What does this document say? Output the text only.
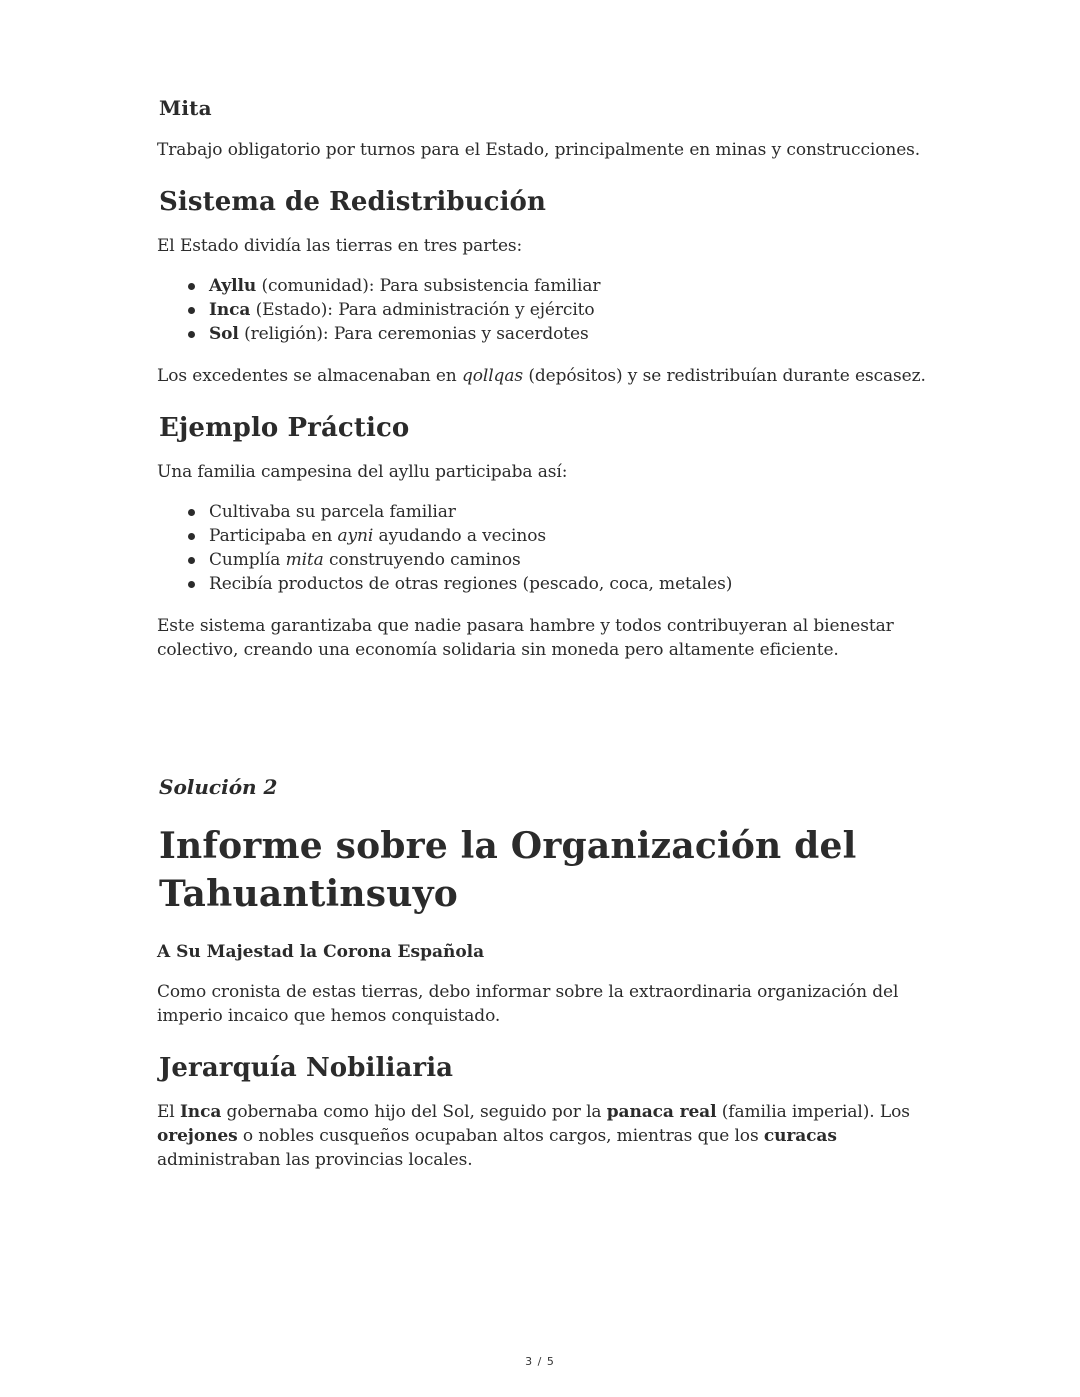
Mita

Trabajo obligatorio por turnos para el Estado, principalmente en minas y construcciones.

Sistema de Redistribución

El Estado dividía las tierras en tres partes:

Ayllu (comunidad): Para subsistencia familiar
Inca (Estado): Para administración y ejército
Sol (religión): Para ceremonias y sacerdotes

Los excedentes se almacenaban en qollqas (depósitos) y se redistribuían durante escasez.

Ejemplo Práctico

Una familia campesina del ayllu participaba así:

Cultivaba su parcela familiar
Participaba en ayni ayudando a vecinos
Cumplía mita construyendo caminos
Recibía productos de otras regiones (pescado, coca, metales)

Este sistema garantizaba que nadie pasara hambre y todos contribuyeran al bienestar colectivo, creando una economía solidaria sin moneda pero altamente eficiente.

Solución 2
Informe sobre la Organización del Tahuantinsuyo
A Su Majestad la Corona Española

Como cronista de estas tierras, debo informar sobre la extraordinaria organización del imperio incaico que hemos conquistado.

Jerarquía Nobiliaria

El Inca gobernaba como hijo del Sol, seguido por la panaca real (familia imperial). Los orejones o nobles cusqueños ocupaban altos cargos, mientras que los curacas administraban las provincias locales.

3 / 5
